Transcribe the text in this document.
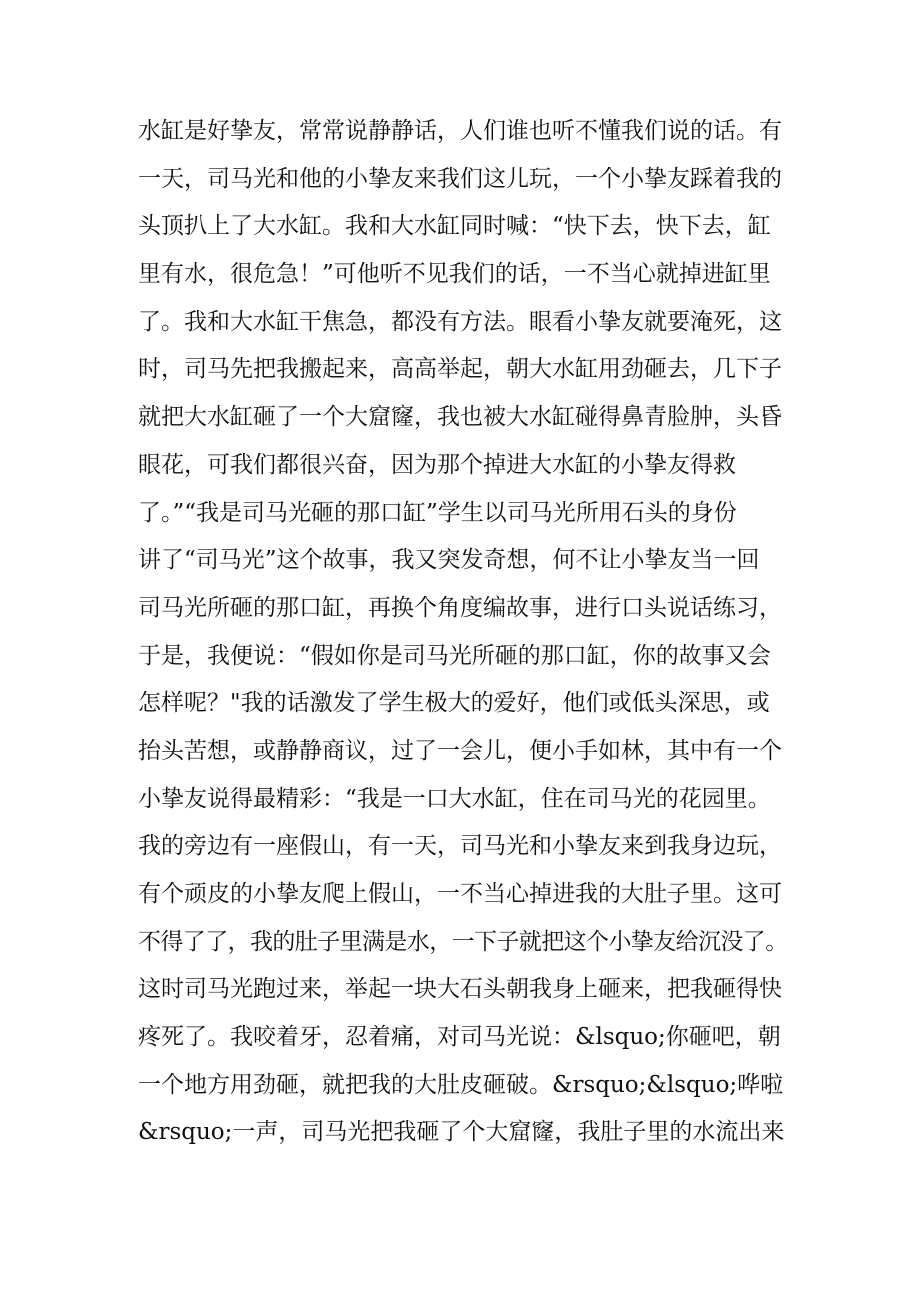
水缸是好挚友，常常说静静话，人们谁也听不懂我们说的话。有
一天，司马光和他的小挚友来我们这儿玩，一个小挚友踩着我的
头顶扒上了大水缸。我和大水缸同时喊：“快下去，快下去，缸
里有水，很危急！”可他听不见我们的话，一不当心就掉进缸里
了。我和大水缸干焦急，都没有方法。眼看小挚友就要淹死，这
时，司马先把我搬起来，高高举起，朝大水缸用劲砸去，几下子
就把大水缸砸了一个大窟窿，我也被大水缸碰得鼻青脸肿，头昏
眼花，可我们都很兴奋，因为那个掉进大水缸的小挚友得救
了。”“我是司马光砸的那口缸”学生以司马光所用石头的身份
讲了“司马光”这个故事，我又突发奇想，何不让小挚友当一回
司马光所砸的那口缸，再换个角度编故事，进行口头说话练习，
于是，我便说：“假如你是司马光所砸的那口缸，你的故事又会
怎样呢？"我的话激发了学生极大的爱好，他们或低头深思，或
抬头苦想，或静静商议，过了一会儿，便小手如林，其中有一个
小挚友说得最精彩：“我是一口大水缸，住在司马光的花园里。
我的旁边有一座假山，有一天，司马光和小挚友来到我身边玩，
有个顽皮的小挚友爬上假山，一不当心掉进我的大肚子里。这可
不得了了，我的肚子里满是水，一下子就把这个小挚友给沉没了。
这时司马光跑过来，举起一块大石头朝我身上砸来，把我砸得快
疼死了。我咬着牙，忍着痛，对司马光说：&lsquo;你砸吧，朝
一个地方用劲砸，就把我的大肚皮砸破。&rsquo;&lsquo;哗啦
&rsquo;一声，司马光把我砸了个大窟窿，我肚子里的水流出来
